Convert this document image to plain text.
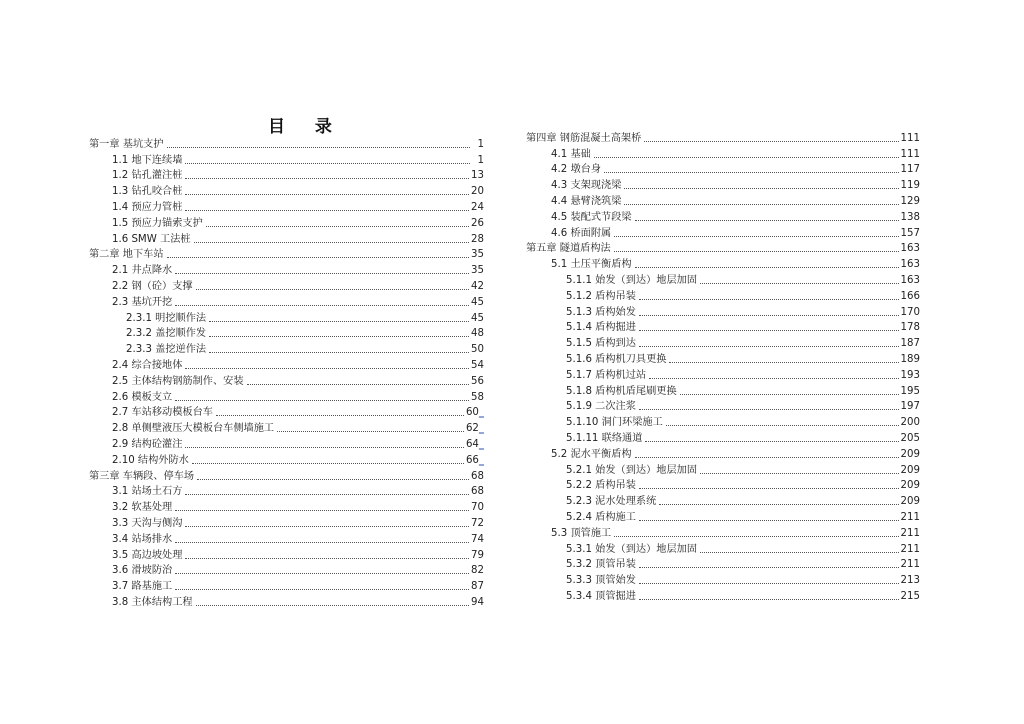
目 录
第一章 基坑支护	1
1.1 地下连续墙	1
1.2 钻孔灌注桩	13
1.3 钻孔咬合桩	20
1.4 预应力管桩	24
1.5 预应力锚索支护	26
1.6 SMW 工法桩	28
第二章 地下车站	35
2.1 井点降水	35
2.2 钢（砼）支撑	42
2.3 基坑开挖	45
2.3.1 明挖顺作法	45
2.3.2 盖挖顺作发	48
2.3.3 盖挖逆作法	50
2.4 综合接地体	54
2.5 主体结构钢筋制作、安装	56
2.6 模板支立	58
2.7 车站移动模板台车	60 _
2.8 单侧壁液压大模板台车侧墙施工	62 _
2.9 结构砼灌注	64 _
2.10 结构外防水	66 _
第三章 车辆段、停车场	68
3.1 站场土石方	68
3.2 软基处理	70
3.3 天沟与侧沟	72
3.4 站场排水	74
3.5 高边坡处理	79
3.6 滑坡防治	82
3.7 路基施工	87
3.8 主体结构工程	94
第四章 钢筋混凝土高架桥	111
4.1 基础	111
4.2 墩台身	117
4.3 支架现浇梁	119
4.4 悬臂浇筑梁	129
4.5 装配式节段梁	138
4.6 桥面附属	157
第五章 隧道盾构法	163
5.1 土压平衡盾构	163
5.1.1 始发（到达）地层加固	163
5.1.2 盾构吊装	166
5.1.3 盾构始发	170
5.1.4 盾构掘进	178
5.1.5 盾构到达	187
5.1.6 盾构机刀具更换	189
5.1.7 盾构机过站	193
5.1.8 盾构机盾尾刷更换	195
5.1.9 二次注浆	197
5.1.10 洞门环梁施工	200
5.1.11 联络通道	205
5.2 泥水平衡盾构	209
5.2.1 始发（到达）地层加固	209
5.2.2 盾构吊装	209
5.2.3 泥水处理系统	209
5.2.4 盾构施工	211
5.3 顶管施工	211
5.3.1 始发（到达）地层加固	211
5.3.2 顶管吊装	211
5.3.3 顶管始发	213
5.3.4 顶管掘进	215
